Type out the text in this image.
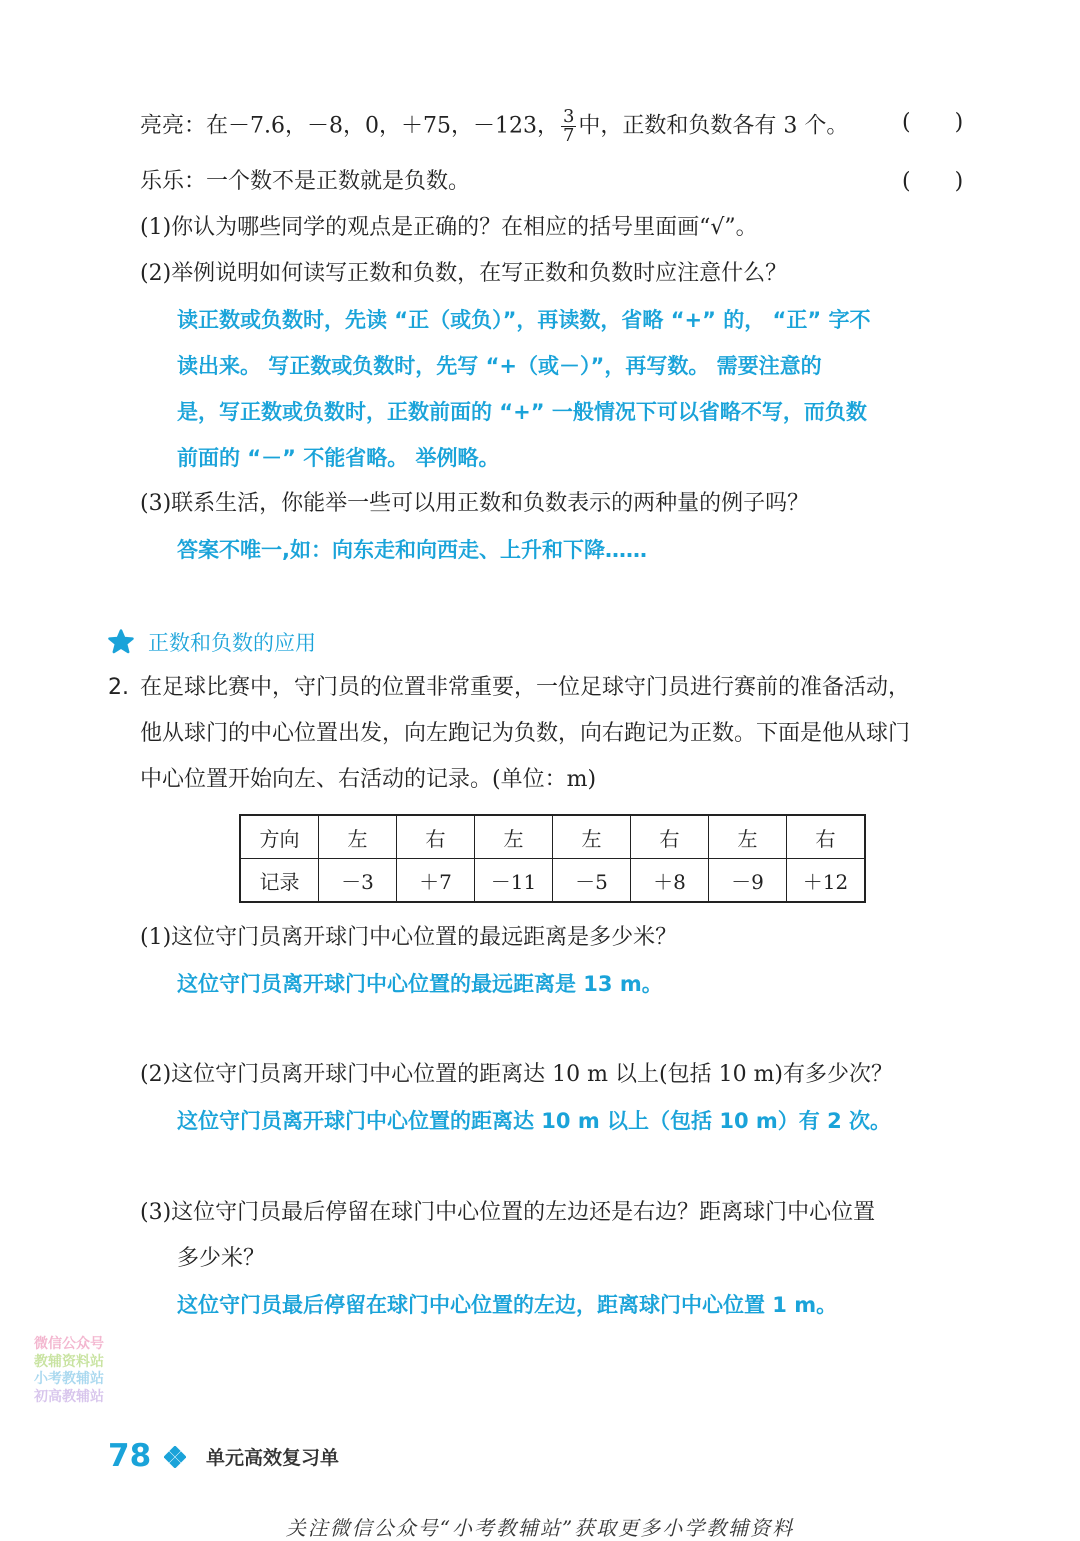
亮亮：在－7.6，－8，0，＋75，－123， $\frac{3}{7}$ 中，正数和负数各有 3 个。 (　　)
乐乐：一个数不是正数就是负数。	(　　)
(1)你认为哪些同学的观点是正确的？在相应的括号里面画“√”。
(2)举例说明如何读写正数和负数，在写正数和负数时应注意什么？
读正数或负数时，先读 “正（或负）”，再读数，省略 “+” 的， “正” 字不
读出来。 写正数或负数时，先写 “+（或－）”，再写数。 需要注意的
是，写正数或负数时，正数前面的 “+” 一般情况下可以省略不写，而负数
前面的 “－” 不能省略。 举例略。
(3)联系生活，你能举一些可以用正数和负数表示的两种量的例子吗？
答案不唯一,如：向东走和向西走、上升和下降……
正数和负数的应用
2. 在足球比赛中，守门员的位置非常重要，一位足球守门员进行赛前的准备活动，
他从球门的中心位置出发，向左跑记为负数，向右跑记为正数。下面是他从球门
中心位置开始向左、右活动的记录。(单位：m)
方向	左	右	左	左	右	左	右
记录	－3	＋7	－11	－5	＋8	－9	＋12
(1)这位守门员离开球门中心位置的最远距离是多少米？
这位守门员离开球门中心位置的最远距离是 13 m。
(2)这位守门员离开球门中心位置的距离达 10 m 以上(包括 10 m)有多少次？
这位守门员离开球门中心位置的距离达 10 m 以上（包括 10 m）有 2 次。
(3)这位守门员最后停留在球门中心位置的左边还是右边？距离球门中心位置
多少米？
这位守门员最后停留在球门中心位置的左边，距离球门中心位置 1 m。
微信公众号
教辅资料站
小考教辅站
初高教辅站
78	单元高效复习单
关注微信公众号“小考教辅站”获取更多小学教辅资料
